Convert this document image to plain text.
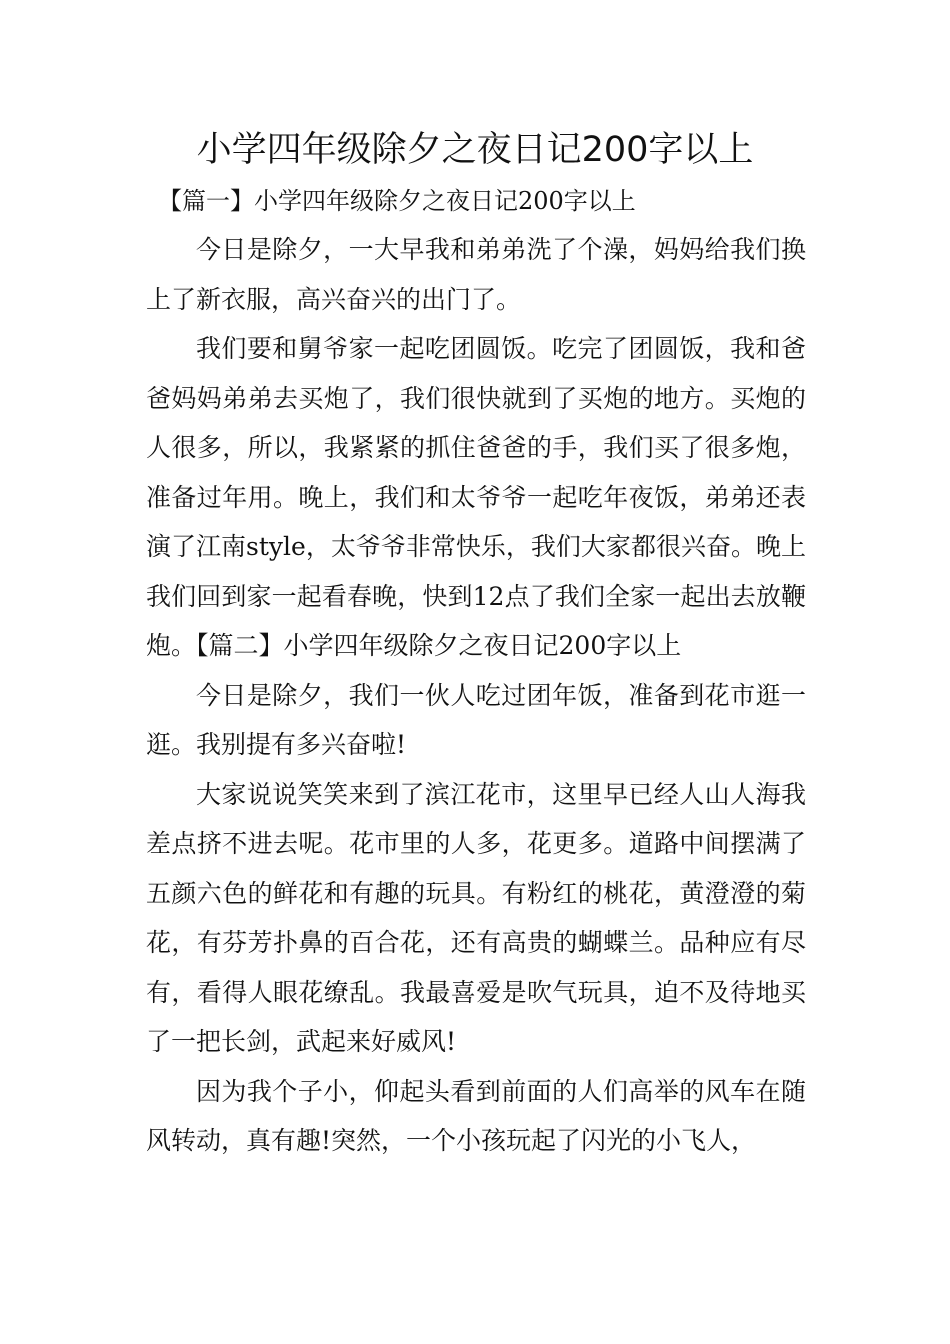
小学四年级除夕之夜日记200字以上

【篇一】小学四年级除夕之夜日记200字以上

今日是除夕，一大早我和弟弟洗了个澡，妈妈给我们换上了新衣服，高兴奋兴的出门了。

我们要和舅爷家一起吃团圆饭。吃完了团圆饭，我和爸爸妈妈弟弟去买炮了，我们很快就到了买炮的地方。买炮的人很多，所以，我紧紧的抓住爸爸的手，我们买了很多炮，准备过年用。晚上，我们和太爷爷一起吃年夜饭，弟弟还表演了江南style，太爷爷非常快乐，我们大家都很兴奋。晚上我们回到家一起看春晚，快到12点了我们全家一起出去放鞭炮。【篇二】小学四年级除夕之夜日记200字以上

今日是除夕，我们一伙人吃过团年饭，准备到花市逛一逛。我别提有多兴奋啦!

大家说说笑笑来到了滨江花市，这里早已经人山人海我差点挤不进去呢。花市里的人多，花更多。道路中间摆满了五颜六色的鲜花和有趣的玩具。有粉红的桃花，黄澄澄的菊花，有芬芳扑鼻的百合花，还有高贵的蝴蝶兰。品种应有尽有，看得人眼花缭乱。我最喜爱是吹气玩具，迫不及待地买了一把长剑，武起来好威风!

因为我个子小，仰起头看到前面的人们高举的风车在随风转动，真有趣!突然，一个小孩玩起了闪光的小飞人，
